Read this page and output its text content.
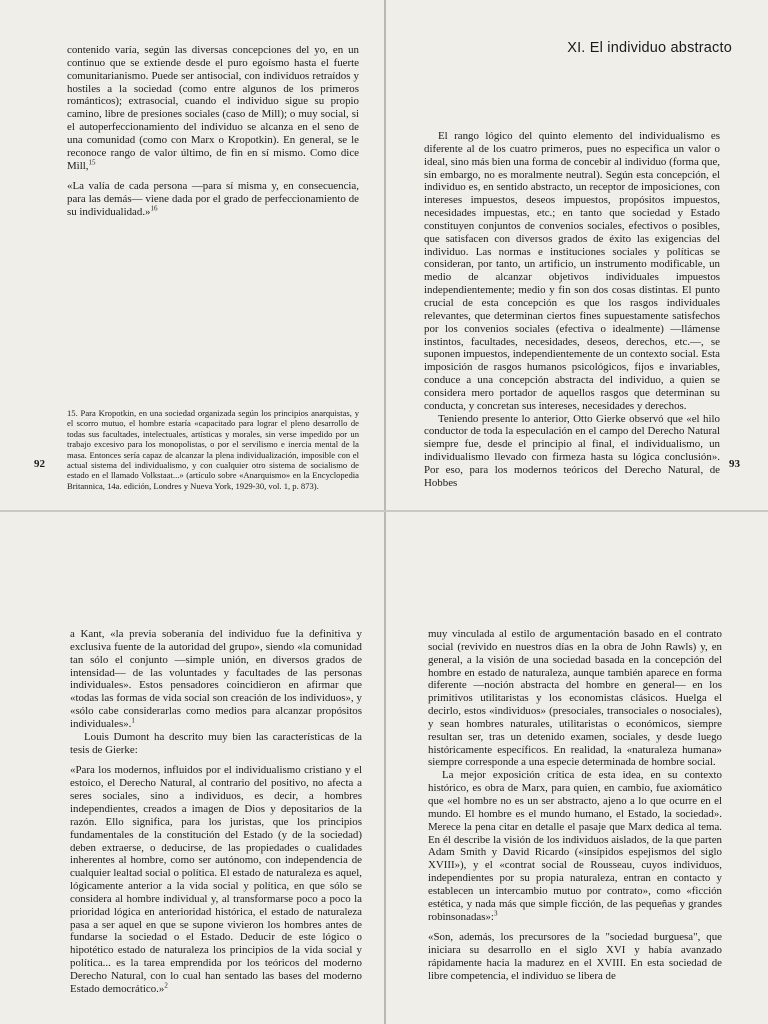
contenido varía, según las diversas concepciones del yo, en un continuo que se extiende desde el puro egoísmo hasta el fuerte comunitarianismo. Puede ser antisocial, con individuos retraídos y hostiles a la sociedad (como entre algunos de los primeros románticos); extrasocial, cuando el individuo sigue su propio camino, libre de presiones sociales (caso de Mill); o muy social, si el autoperfeccionamiento del individuo se alcanza en el seno de una comunidad (como con Marx o Kropotkin). En general, se le reconoce rango de valor último, de fin en sí mismo. Como dice Mill,$^{15}$

«La valía de cada persona —para sí misma y, en consecuencia, para las demás— viene dada por el grado de perfeccionamiento de su individualidad.»$^{16}$

15. Para Kropotkin, en una sociedad organizada según los principios anarquistas, y el scorro mutuo, el hombre estaría «capacitado para lograr el pleno desarrollo de todas sus facultades, intelectuales, artísticas y morales, sin verse impedido por un trabajo excesivo para los monopolistas, o por el servilismo e inercia mental de la masa. Entonces sería capaz de alcanzar la plena individualización, imposible con el actual sistema del individualismo, y con cualquier otro sistema de socialismo de estado en el llamado Volkstaat...» (artículo sobre «Anarquismo» en la Encyclopedia Britannica, 14a. edición, Londres y Nueva York, 1929-30, vol. 1, p. 873).
92
XI. El individuo abstracto

El rango lógico del quinto elemento del individualismo es diferente al de los cuatro primeros, pues no especifica un valor o ideal, sino más bien una forma de concebir al individuo (forma que, sin embargo, no es moralmente neutral). Según esta concepción, el individuo es, en sentido abstracto, un receptor de imposiciones, con intereses impuestos, deseos impuestos, propósitos impuestos, necesidades impuestas, etc.; en tanto que sociedad y Estado constituyen conjuntos de convenios sociales, efectivos o posibles, que satisfacen con diversos grados de éxito las exigencias del individuo. Las normas e instituciones sociales y políticas se consideran, por tanto, un artificio, un instrumento modificable, un medio de alcanzar objetivos individuales impuestos independientemente; medio y fin son dos cosas distintas. El punto crucial de esta concepción es que los rasgos individuales relevantes, que determinan ciertos fines supuestamente satisfechos por los convenios sociales (efectiva o idealmente) —llámense instintos, facultades, necesidades, deseos, derechos, etc.—, se suponen impuestos, independientemente de un contexto social. Esta imposición de rasgos humanos psicológicos, fijos e invariables, conduce a una concepción abstracta del individuo, a quien se considera mero portador de aquellos rasgos que determinan su conducta, y concretan sus intereses, necesidades y derechos.

Teniendo presente lo anterior, Otto Gierke observó que «el hilo conductor de toda la especulación en el campo del Derecho Natural siempre fue, desde el principio al final, el individualismo, un individualismo llevado con firmeza hasta su lógica conclusión». Por eso, para los modernos teóricos del Derecho Natural, de Hobbes

93

a Kant, «la previa soberanía del individuo fue la definitiva y exclusiva fuente de la autoridad del grupo», siendo «la comunidad tan sólo el conjunto —simple unión, en diversos grados de intensidad— de las voluntades y facultades de las personas individuales». Estos pensadores coincidieron en afirmar que «todas las formas de vida social son creación de los individuos», y «sólo cabe considerarlas como medios para alcanzar propósitos individuales».$^1$

Louis Dumont ha descrito muy bien las características de la tesis de Gierke:

«Para los modernos, influidos por el individualismo cristiano y el estoico, el Derecho Natural, al contrario del positivo, no afecta a seres sociales, sino a individuos, es decir, a hombres independientes, creados a imagen de Dios y depositarios de la razón. Ello significa, para los juristas, que los principios fundamentales de la constitución del Estado (y de la sociedad) deben extraerse, o deducirse, de las propiedades o cualidades inherentes al hombre, como ser autónomo, con independencia de cualquier lealtad social o política. El estado de naturaleza es aquel, lógicamente anterior a la vida social y política, en que sólo se considera al hombre individual y, al transformarse poco a poco la prioridad lógica en anterioridad histórica, el estado de naturaleza pasa a ser aquel en que se supone vivieron los hombres antes de fundarse la sociedad o el Estado. Deducir de este lógico o hipotético estado de naturaleza los principios de la vida social y política... es la tarea emprendida por los teóricos del moderno Derecho Natural, con lo cual han sentado las bases del moderno Estado democrático.»$^2$

muy vinculada al estilo de argumentación basado en el contrato social (revivido en nuestros días en la obra de John Rawls) y, en general, a la visión de una sociedad basada en la concepción del hombre en estado de naturaleza, aunque también aparece en forma diferente —noción abstracta del hombre en general— en los primitivos utilitaristas y los economistas clásicos. Huelga el decirlo, estos «individuos» (presociales, transociales o nosociales), y sean hombres naturales, utilitaristas o económicos, siempre resultan ser, tras un detenido examen, sociales, y desde luego históricamente específicos. En realidad, la «naturaleza humana» siempre corresponde a una especie determinada de hombre social.

La mejor exposición crítica de esta idea, en su contexto histórico, es obra de Marx, para quien, en cambio, fue axiomático que «el hombre no es un ser abstracto, ajeno a lo que ocurre en el mundo. El hombre es el mundo humano, el Estado, la sociedad». Merece la pena citar en detalle el pasaje que Marx dedica al tema. En él describe la visión de los individuos aislados, de la que parten Adam Smith y David Ricardo («insípidos espejismos del siglo XVIII»), y el «contrat social de Rousseau, cuyos individuos, independientes por su propia naturaleza, entran en contacto y establecen un intercambio mutuo por contrato», como «ficción estética, y nada más que simple ficción, de las pequeñas y grandes robinsonadas»:$^3$

«Son, además, los precursores de la "sociedad burguesa", que iniciara su desarrollo en el siglo XVI y había avanzado rápidamente hacia la madurez en el XVIII. En esta sociedad de libre competencia, el individuo se libera de
